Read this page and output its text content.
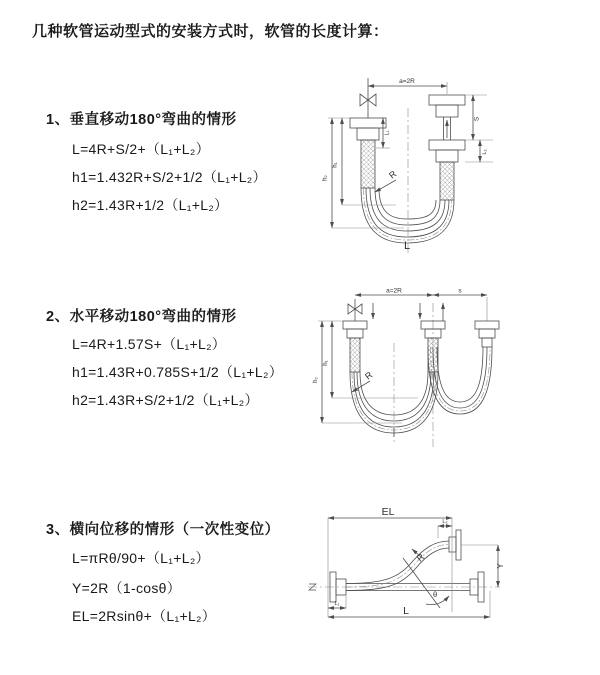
几种软管运动型式的安装方式时，软管的长度计算：
1、垂直移动180°弯曲的情形
L=4R+S/2+（L₁+L₂）
h1=1.432R+S/2+1/2（L₁+L₂）
h2=1.43R+1/2（L₁+L₂）
2、水平移动180°弯曲的情形
L=4R+1.57S+（L₁+L₂）
h1=1.43R+0.785S+1/2（L₁+L₂）
h2=1.43R+S/2+1/2（L₁+L₂）
3、横向位移的情形（一次性变位）
L=πRθ/90+（L₁+L₂）
Y=2R（1-cosθ）
EL=2Rsinθ+（L₁+L₂）
a=2R
S
L₂
L₁
h₁
h₂	R
L
a=2R	s
h₁
h₂	R
EL
L₂
Y
R
θ
L
L₁
